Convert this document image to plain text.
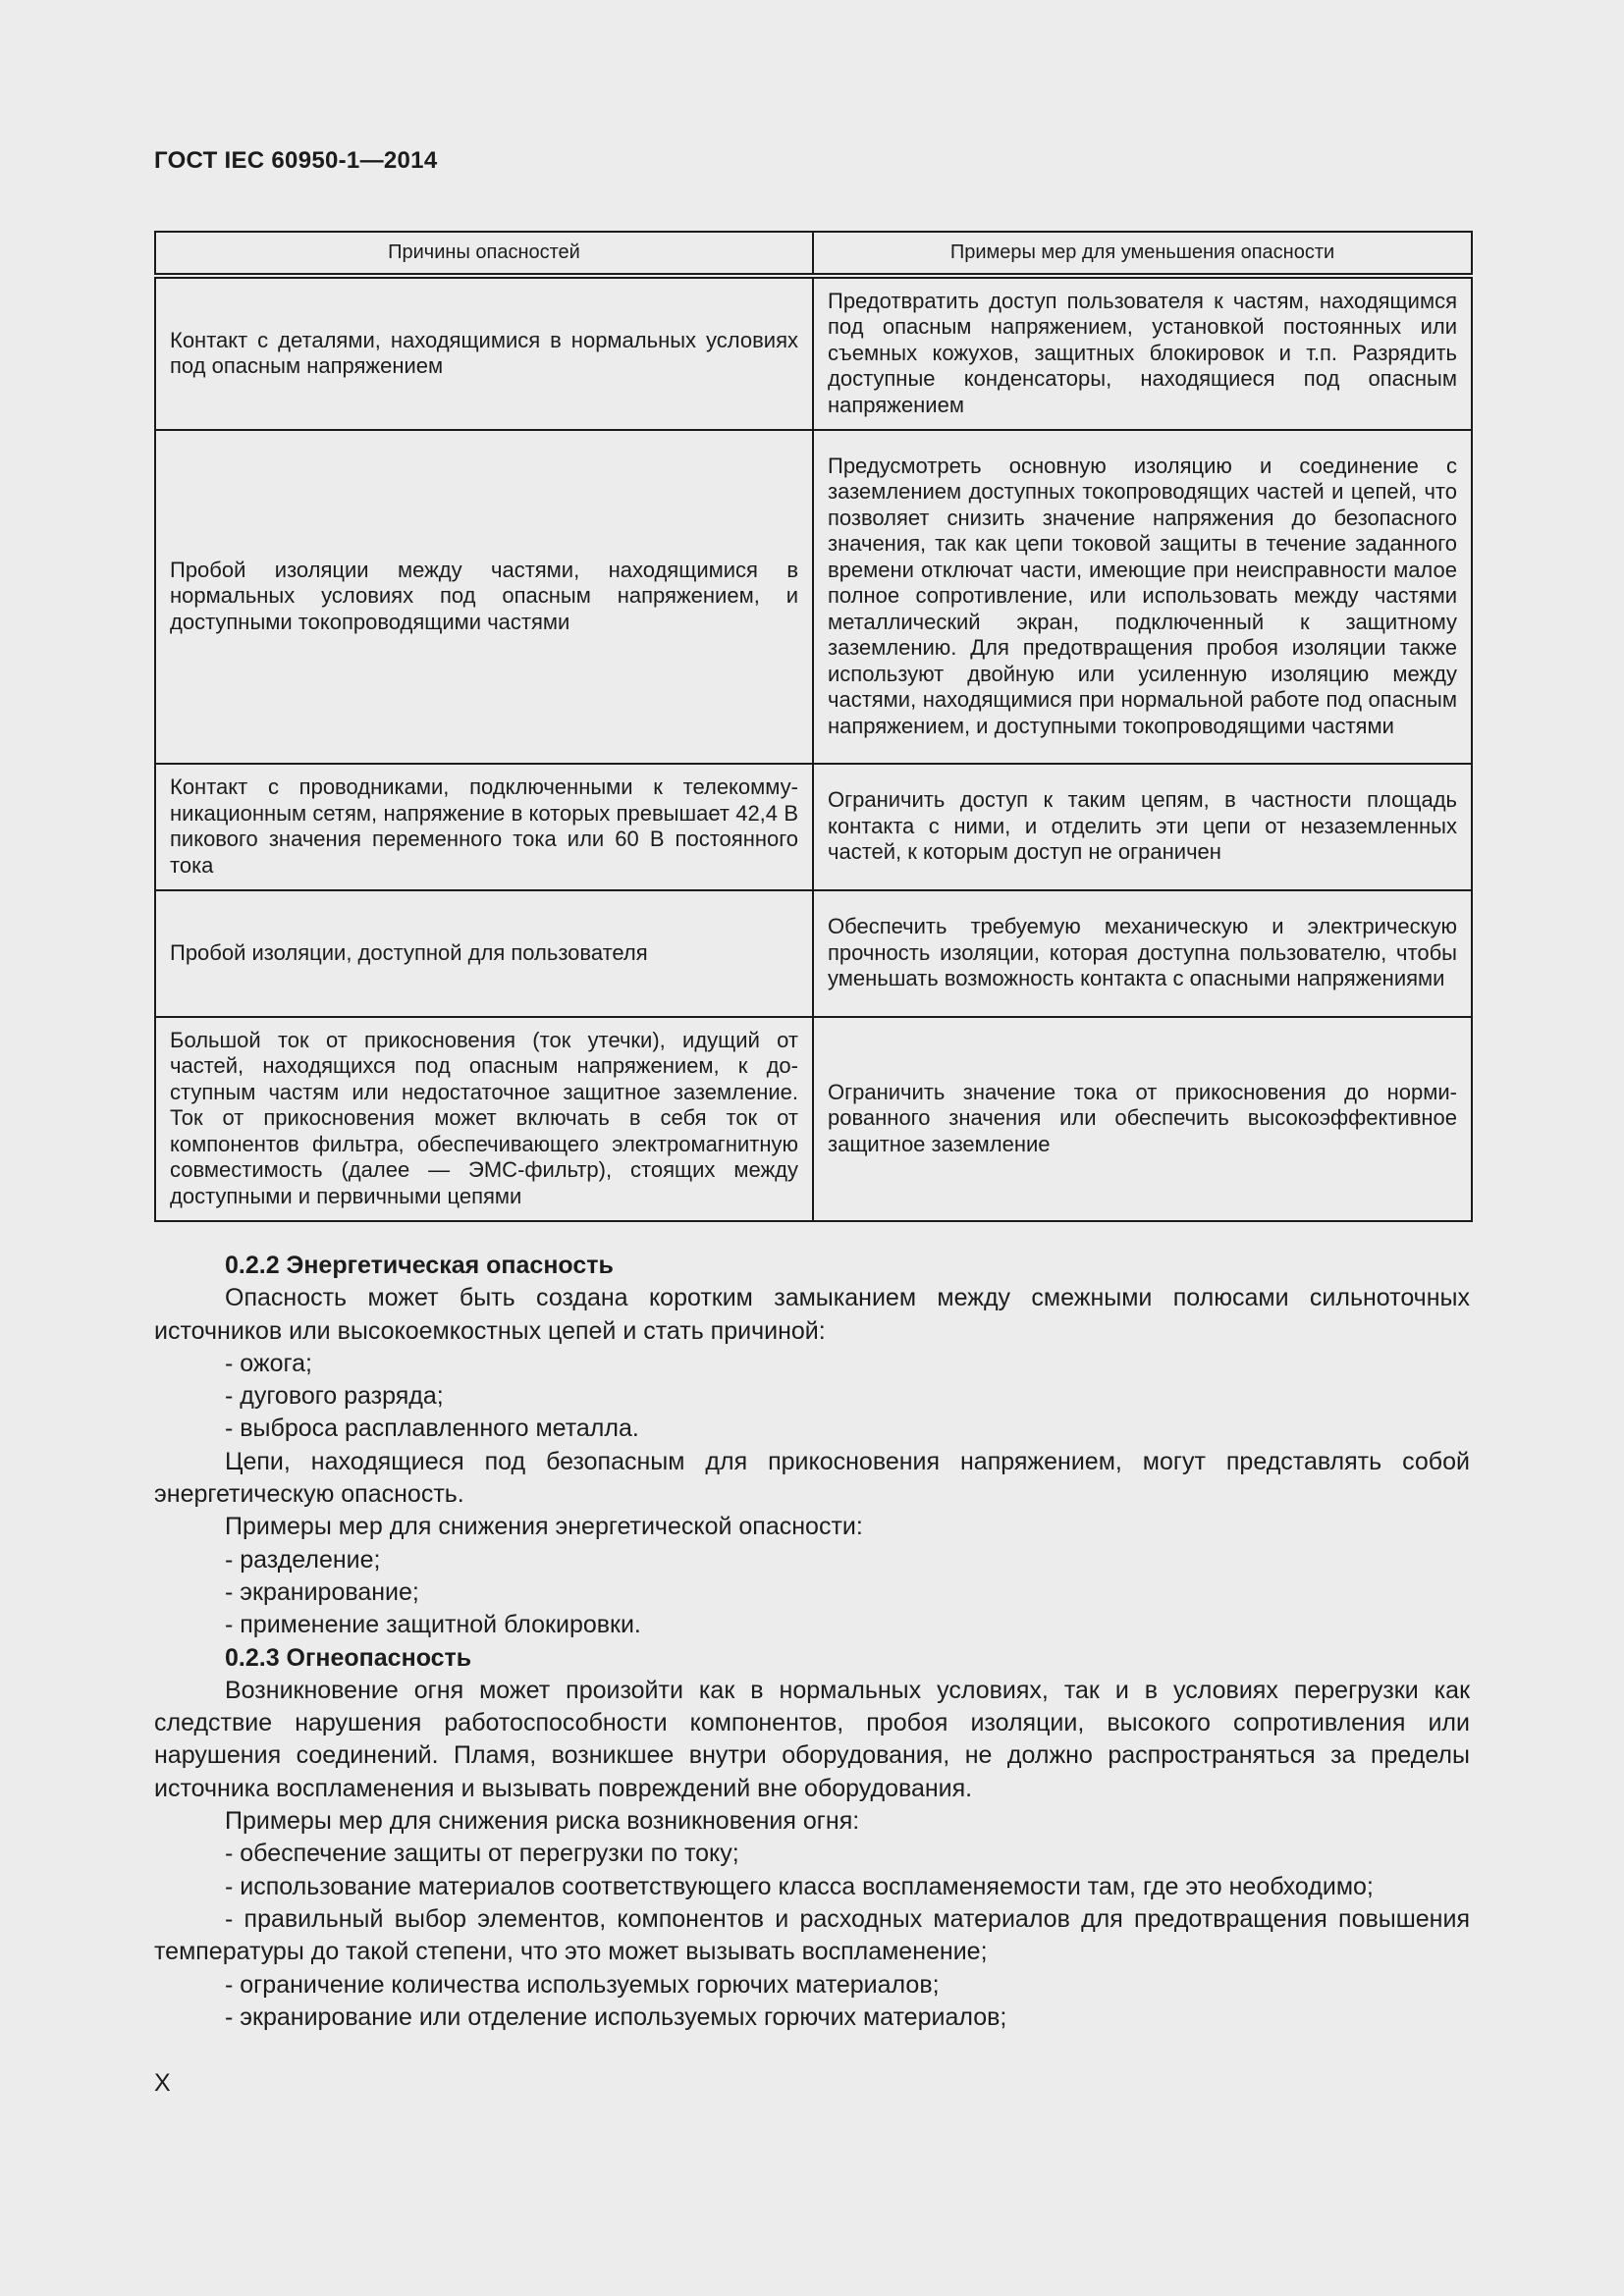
ГОСТ IEC 60950-1—2014
Причины опасностей	Примеры мер для уменьшения опасности
Контакт с деталями, находящимися в нормальных условиях под опасным напряжением	Предотвратить доступ пользователя к частям, находящимся под опасным напряжением, установкой постоянных или съемных кожухов, защитных блокировок и т.п. Разрядить доступные конденсаторы, находящиеся под опасным напряжением
Пробой изоляции между частями, находящимися в нормальных условиях под опасным напряжением, и доступными токопроводящими частями	Предусмотреть основную изоляцию и соединение с заземлением доступных токопроводящих частей и цепей, что позволяет снизить значение напряжения до безопасного значения, так как цепи токовой защиты в течение заданного времени отключат части, имеющие при неисправности малое полное сопротивление, или использовать между частями металлический экран, подключенный к защитному заземлению. Для предотвращения пробоя изоляции также используют двойную или усиленную изоляцию между частями, находящимися при нормальной работе под опасным напряжением, и доступными токопроводящими частями
Контакт с проводниками, подключенными к телекоммуникационным сетям, напряжение в которых превышает 42,4 В пикового значения переменного тока или 60 В постоянного тока	Ограничить доступ к таким цепям, в частности площадь контакта с ними, и отделить эти цепи от незаземленных частей, к которым доступ не ограничен
Пробой изоляции, доступной для пользователя	Обеспечить требуемую механическую и электрическую прочность изоляции, которая доступна пользователю, чтобы уменьшать возможность контакта с опасными напряжениями
Большой ток от прикосновения (ток утечки), идущий от частей, находящихся под опасным напряжением, к доступным частям или недостаточное защитное заземление. Ток от прикосновения может включать в себя ток от компонентов фильтра, обеспечивающего электромагнитную совместимость (далее — ЭМС-фильтр), стоящих между доступными и первичными цепями	Ограничить значение тока от прикосновения до нормированного значения или обеспечить высокоэффективное защитное заземление
0.2.2 Энергетическая опасность

Опасность может быть создана коротким замыканием между смежными полюсами сильноточных источников или высокоемкостных цепей и стать причиной:

- ожога;

- дугового разряда;

- выброса расплавленного металла.

Цепи, находящиеся под безопасным для прикосновения напряжением, могут представлять собой энергетическую опасность.

Примеры мер для снижения энергетической опасности:

- разделение;

- экранирование;

- применение защитной блокировки.

0.2.3 Огнеопасность

Возникновение огня может произойти как в нормальных условиях, так и в условиях перегрузки как следствие нарушения работоспособности компонентов, пробоя изоляции, высокого сопротивления или нарушения соединений. Пламя, возникшее внутри оборудования, не должно распространяться за пределы источника воспламенения и вызывать повреждений вне оборудования.

Примеры мер для снижения риска возникновения огня:

- обеспечение защиты от перегрузки по току;

- использование материалов соответствующего класса воспламеняемости там, где это необходимо;

- правильный выбор элементов, компонентов и расходных материалов для предотвращения повышения температуры до такой степени, что это может вызывать воспламенение;

- ограничение количества используемых горючих материалов;

- экранирование или отделение используемых горючих материалов;

X
